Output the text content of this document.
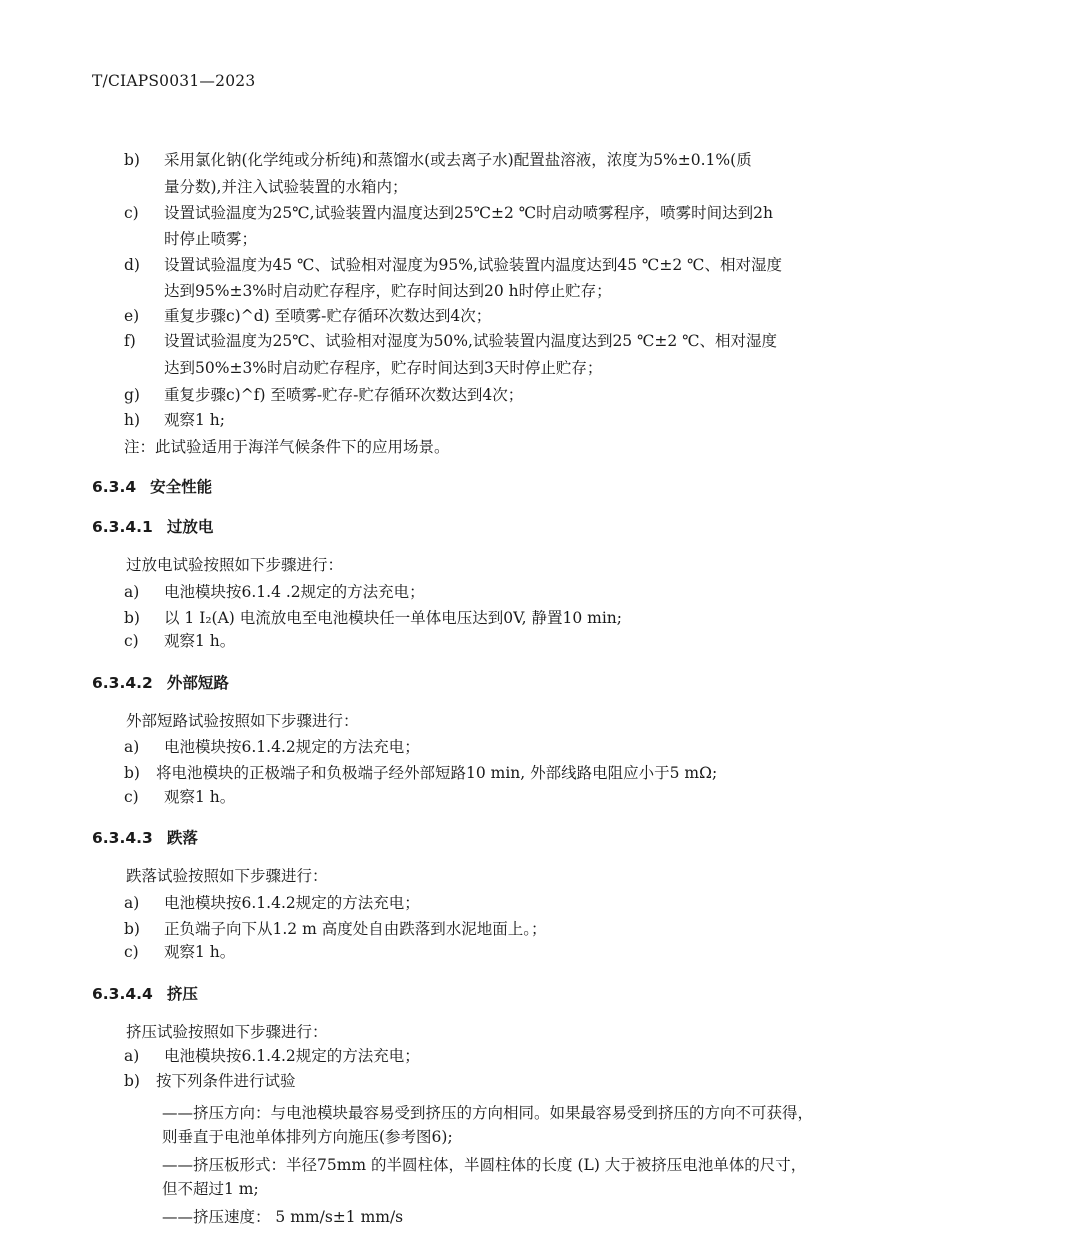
T/CIAPS0031—2023
b) 采用氯化钠(化学纯或分析纯)和蒸馏水(或去离子水)配置盐溶液，浓度为5%±0.1%(质
量分数),并注入试验装置的水箱内；
c) 设置试验温度为25℃,试验装置内温度达到25℃±2 ℃时启动喷雾程序，喷雾时间达到2h
时停止喷雾；
d) 设置试验温度为45 ℃、试验相对湿度为95%,试验装置内温度达到45 ℃±2 ℃、相对湿度
达到95%±3%时启动贮存程序，贮存时间达到20 h时停止贮存；
e) 重复步骤c)^d) 至喷雾-贮存循环次数达到4次；
f) 设置试验温度为25℃、试验相对湿度为50%,试验装置内温度达到25 ℃±2 ℃、相对湿度
达到50%±3%时启动贮存程序，贮存时间达到3天时停止贮存；
g) 重复步骤c)^f) 至喷雾-贮存-贮存循环次数达到4次；
h) 观察1 h;
注：此试验适用于海洋气候条件下的应用场景。
6.3.4 安全性能
6.3.4.1 过放电
过放电试验按照如下步骤进行：
a) 电池模块按6.1.4 .2规定的方法充电；
b) 以 1 I₂(A) 电流放电至电池模块任一单体电压达到0V, 静置10 min;
c) 观察1 h。
6.3.4.2 外部短路
外部短路试验按照如下步骤进行：
a) 电池模块按6.1.4.2规定的方法充电；
b) 将电池模块的正极端子和负极端子经外部短路10 min, 外部线路电阻应小于5 mΩ;
c) 观察1 h。
6.3.4.3 跌落
跌落试验按照如下步骤进行：
a) 电池模块按6.1.4.2规定的方法充电；
b) 正负端子向下从1.2 m 高度处自由跌落到水泥地面上。；
c) 观察1 h。
6.3.4.4 挤压
挤压试验按照如下步骤进行：
a) 电池模块按6.1.4.2规定的方法充电；
b) 按下列条件进行试验
——挤压方向：与电池模块最容易受到挤压的方向相同。如果最容易受到挤压的方向不可获得，
则垂直于电池单体排列方向施压(参考图6);
——挤压板形式：半径75mm 的半圆柱体，半圆柱体的长度 (L) 大于被挤压电池单体的尺寸，
但不超过1 m;
——挤压速度： 5 mm/s±1 mm/s
